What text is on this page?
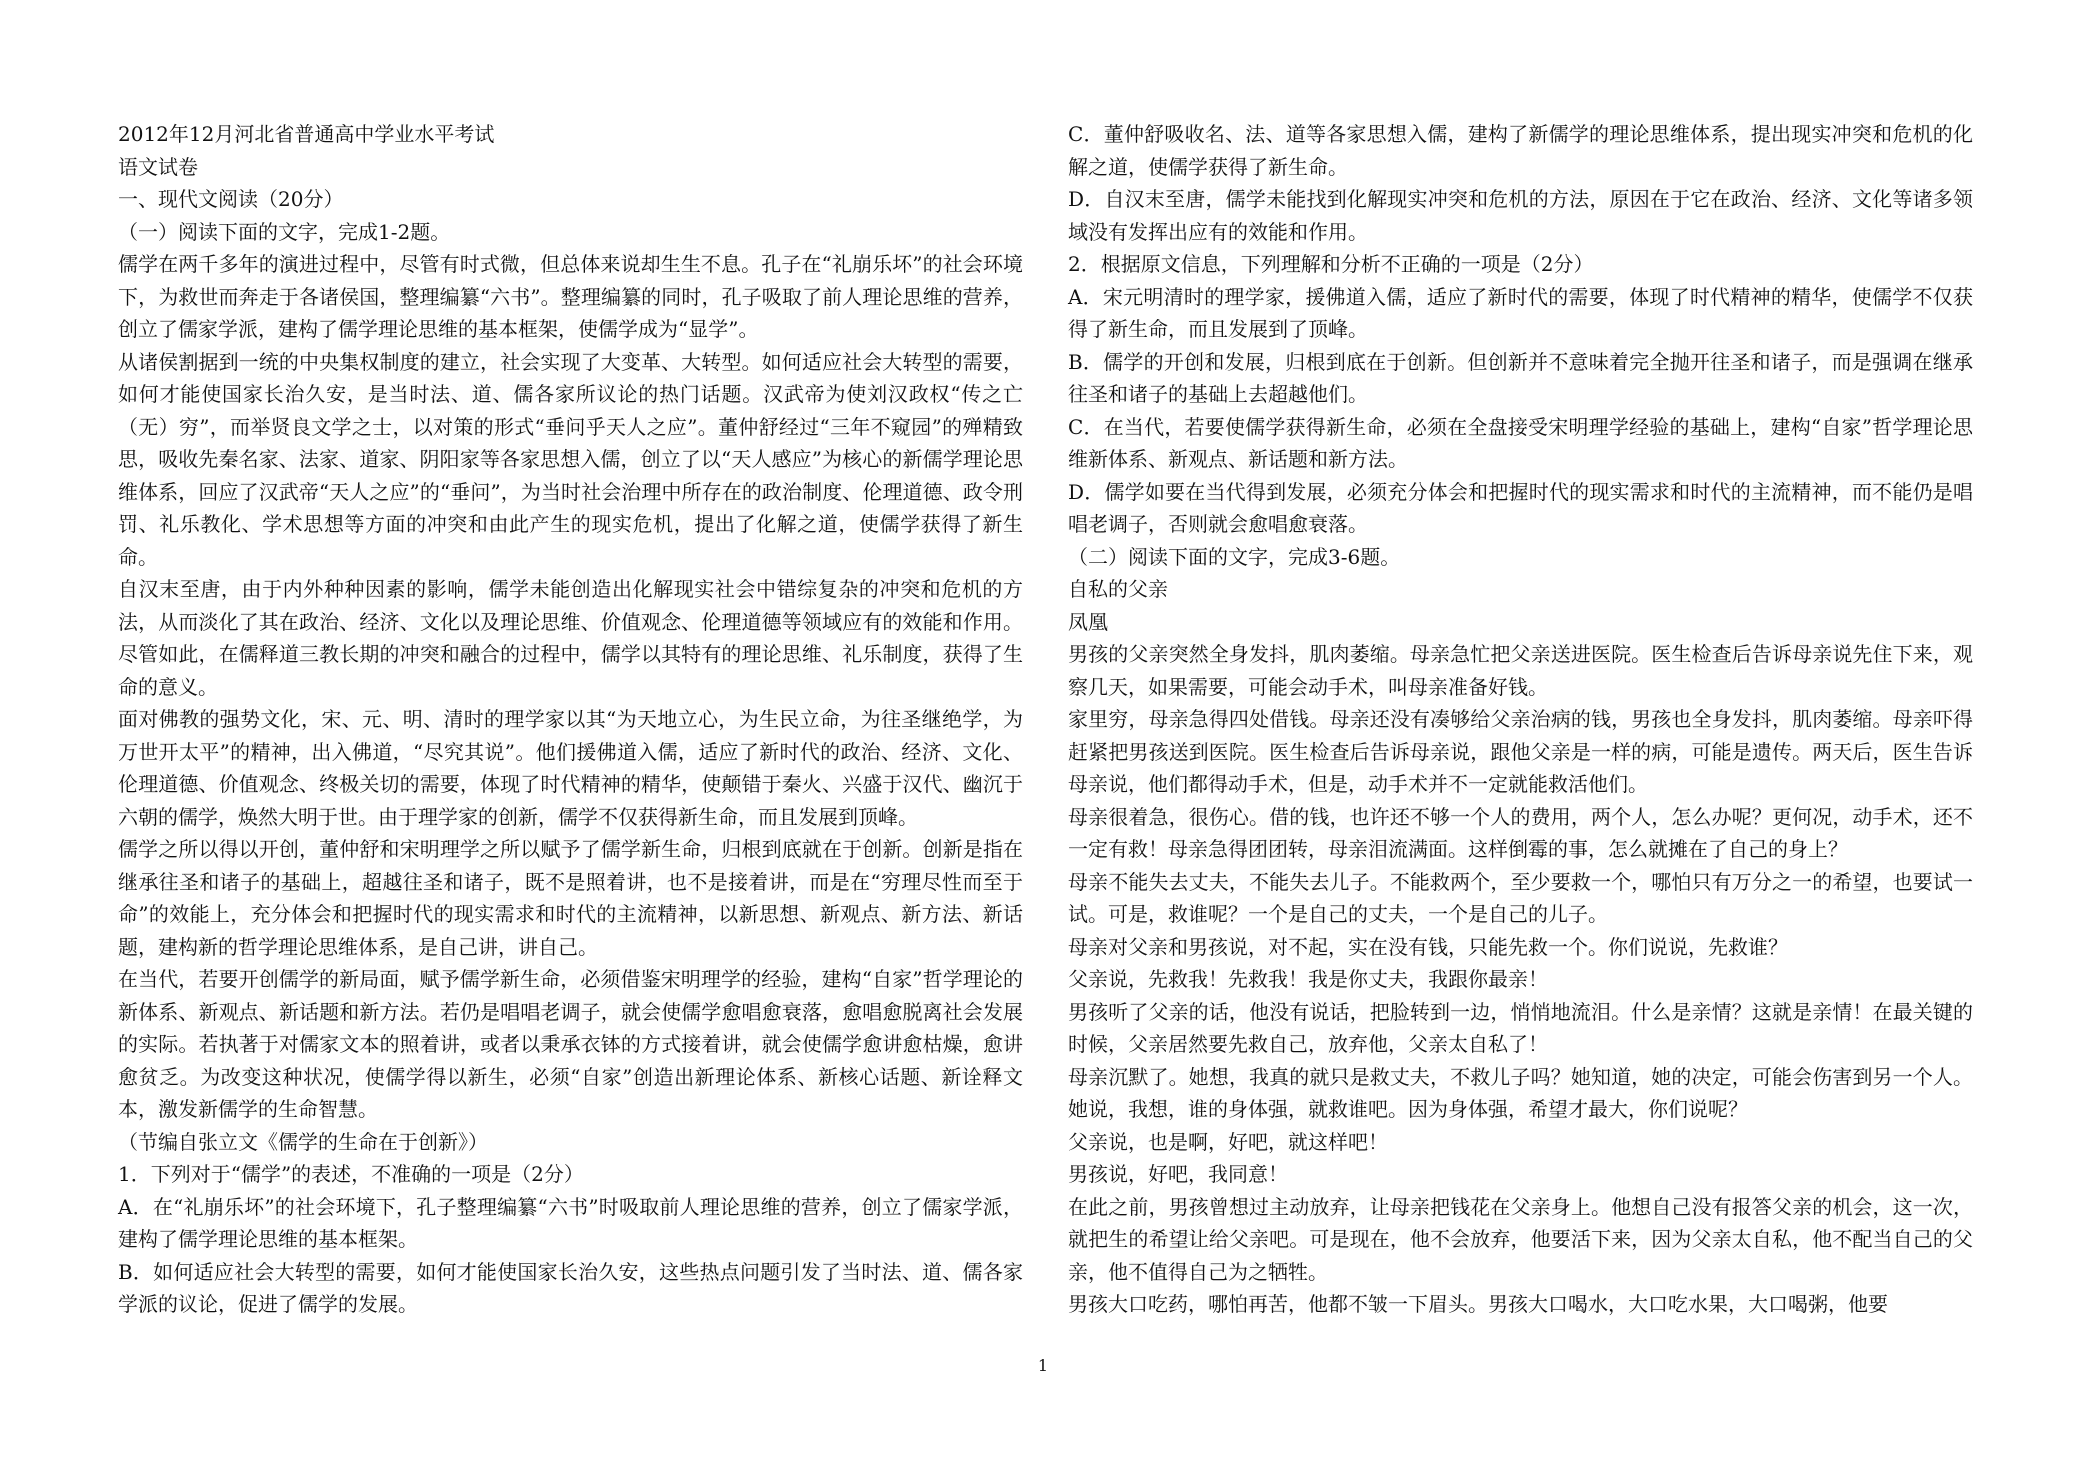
2012年12月河北省普通高中学业水平考试

语文试卷

一、现代文阅读（20分）

（一）阅读下面的文字，完成1-2题。

儒学在两千多年的演进过程中，尽管有时式微，但总体来说却生生不息。孔子在“礼崩乐坏”的社会环境下，为救世而奔走于各诸侯国，整理编纂“六书”。整理编纂的同时，孔子吸取了前人理论思维的营养，创立了儒家学派，建构了儒学理论思维的基本框架，使儒学成为“显学”。

从诸侯割据到一统的中央集权制度的建立，社会实现了大变革、大转型。如何适应社会大转型的需要，如何才能使国家长治久安，是当时法、道、儒各家所议论的热门话题。汉武帝为使刘汉政权“传之亡（无）穷”，而举贤良文学之士，以对策的形式“垂问乎天人之应”。董仲舒经过“三年不窥园”的殚精致思，吸收先秦名家、法家、道家、阴阳家等各家思想入儒，创立了以“天人感应”为核心的新儒学理论思维体系，回应了汉武帝“天人之应”的“垂问”，为当时社会治理中所存在的政治制度、伦理道德、政令刑罚、礼乐教化、学术思想等方面的冲突和由此产生的现实危机，提出了化解之道，使儒学获得了新生命。

自汉末至唐，由于内外种种因素的影响，儒学未能创造出化解现实社会中错综复杂的冲突和危机的方法，从而淡化了其在政治、经济、文化以及理论思维、价值观念、伦理道德等领域应有的效能和作用。尽管如此，在儒释道三教长期的冲突和融合的过程中，儒学以其特有的理论思维、礼乐制度，获得了生命的意义。

面对佛教的强势文化，宋、元、明、清时的理学家以其“为天地立心，为生民立命，为往圣继绝学，为万世开太平”的精神，出入佛道，“尽究其说”。他们援佛道入儒，适应了新时代的政治、经济、文化、伦理道德、价值观念、终极关切的需要，体现了时代精神的精华，使颠错于秦火、兴盛于汉代、幽沉于六朝的儒学，焕然大明于世。由于理学家的创新，儒学不仅获得新生命，而且发展到顶峰。

儒学之所以得以开创，董仲舒和宋明理学之所以赋予了儒学新生命，归根到底就在于创新。创新是指在继承往圣和诸子的基础上，超越往圣和诸子，既不是照着讲，也不是接着讲，而是在“穷理尽性而至于命”的效能上，充分体会和把握时代的现实需求和时代的主流精神，以新思想、新观点、新方法、新话题，建构新的哲学理论思维体系，是自己讲，讲自己。

在当代，若要开创儒学的新局面，赋予儒学新生命，必须借鉴宋明理学的经验，建构“自家”哲学理论的新体系、新观点、新话题和新方法。若仍是唱唱老调子，就会使儒学愈唱愈衰落，愈唱愈脱离社会发展的实际。若执著于对儒家文本的照着讲，或者以秉承衣钵的方式接着讲，就会使儒学愈讲愈枯燥，愈讲愈贫乏。为改变这种状况，使儒学得以新生，必须“自家”创造出新理论体系、新核心话题、新诠释文本，激发新儒学的生命智慧。

（节编自张立文《儒学的生命在于创新》）

1．下列对于“儒学”的表述，不准确的一项是（2分）

A．在“礼崩乐坏”的社会环境下，孔子整理编纂“六书”时吸取前人理论思维的营养，创立了儒家学派，建构了儒学理论思维的基本框架。

B．如何适应社会大转型的需要，如何才能使国家长治久安，这些热点问题引发了当时法、道、儒各家学派的议论，促进了儒学的发展。

C．董仲舒吸收名、法、道等各家思想入儒，建构了新儒学的理论思维体系，提出现实冲突和危机的化解之道，使儒学获得了新生命。

D．自汉末至唐，儒学未能找到化解现实冲突和危机的方法，原因在于它在政治、经济、文化等诸多领域没有发挥出应有的效能和作用。

2．根据原文信息，下列理解和分析不正确的一项是（2分）

A．宋元明清时的理学家，援佛道入儒，适应了新时代的需要，体现了时代精神的精华，使儒学不仅获得了新生命，而且发展到了顶峰。

B．儒学的开创和发展，归根到底在于创新。但创新并不意味着完全抛开往圣和诸子，而是强调在继承往圣和诸子的基础上去超越他们。

C．在当代，若要使儒学获得新生命，必须在全盘接受宋明理学经验的基础上，建构“自家”哲学理论思维新体系、新观点、新话题和新方法。

D．儒学如要在当代得到发展，必须充分体会和把握时代的现实需求和时代的主流精神，而不能仍是唱唱老调子，否则就会愈唱愈衰落。

（二）阅读下面的文字，完成3-6题。

自私的父亲

凤凰

男孩的父亲突然全身发抖，肌肉萎缩。母亲急忙把父亲送进医院。医生检查后告诉母亲说先住下来，观察几天，如果需要，可能会动手术，叫母亲准备好钱。

家里穷，母亲急得四处借钱。母亲还没有凑够给父亲治病的钱，男孩也全身发抖，肌肉萎缩。母亲吓得赶紧把男孩送到医院。医生检查后告诉母亲说，跟他父亲是一样的病，可能是遗传。两天后，医生告诉母亲说，他们都得动手术，但是，动手术并不一定就能救活他们。

母亲很着急，很伤心。借的钱，也许还不够一个人的费用，两个人，怎么办呢？更何况，动手术，还不一定有救！母亲急得团团转，母亲泪流满面。这样倒霉的事，怎么就摊在了自己的身上？

母亲不能失去丈夫，不能失去儿子。不能救两个，至少要救一个，哪怕只有万分之一的希望，也要试一试。可是，救谁呢？一个是自己的丈夫，一个是自己的儿子。

母亲对父亲和男孩说，对不起，实在没有钱，只能先救一个。你们说说，先救谁？

父亲说，先救我！先救我！我是你丈夫，我跟你最亲！

男孩听了父亲的话，他没有说话，把脸转到一边，悄悄地流泪。什么是亲情？这就是亲情！在最关键的时候，父亲居然要先救自己，放弃他，父亲太自私了！

母亲沉默了。她想，我真的就只是救丈夫，不救儿子吗？她知道，她的决定，可能会伤害到另一个人。她说，我想，谁的身体强，就救谁吧。因为身体强，希望才最大，你们说呢？

父亲说，也是啊，好吧，就这样吧！

男孩说，好吧，我同意！

在此之前，男孩曾想过主动放弃，让母亲把钱花在父亲身上。他想自己没有报答父亲的机会，这一次，就把生的希望让给父亲吧。可是现在，他不会放弃，他要活下来，因为父亲太自私，他不配当自己的父亲，他不值得自己为之牺牲。

男孩大口吃药，哪怕再苦，他都不皱一下眉头。男孩大口喝水，大口吃水果，大口喝粥，他要

1
